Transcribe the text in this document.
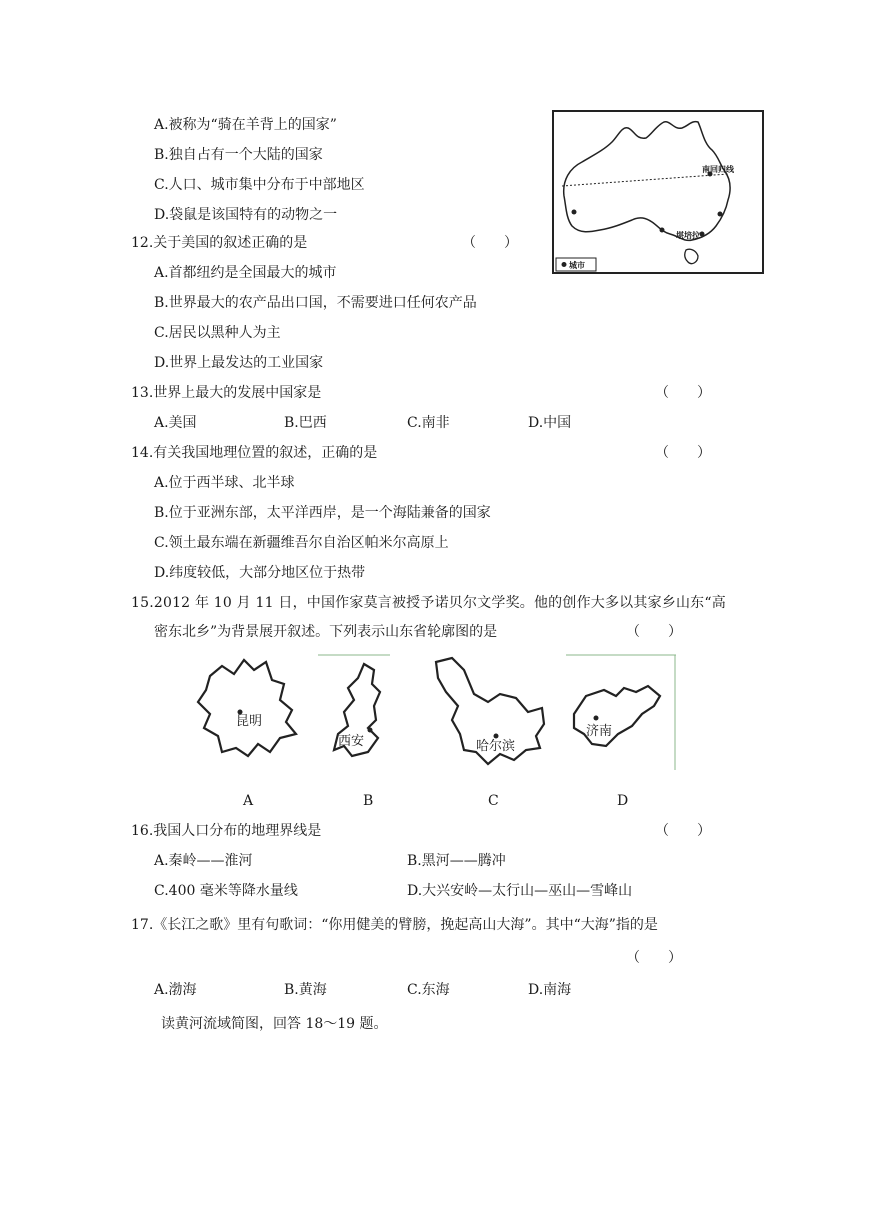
A.被称为“骑在羊背上的国家”
B.独自占有一个大陆的国家
C.人口、城市集中分布于中部地区
D.袋鼠是该国特有的动物之一
城市
南回归线
堪培拉
12.关于美国的叙述正确的是	（　　）
A.首都纽约是全国最大的城市
B.世界最大的农产品出口国，不需要进口任何农产品
C.居民以黑种人为主
D.世界上最发达的工业国家
13.世界上最大的发展中国家是	（　　）
A.美国	B.巴西	C.南非	D.中国
14.有关我国地理位置的叙述，正确的是	（　　）
A.位于西半球、北半球
B.位于亚洲东部，太平洋西岸，是一个海陆兼备的国家
C.领土最东端在新疆维吾尔自治区帕米尔高原上
D.纬度较低，大部分地区位于热带
15.2012 年 10 月 11 日，中国作家莫言被授予诺贝尔文学奖。他的创作大多以其家乡山东“高
密东北乡”为背景展开叙述。下列表示山东省轮廓图的是	（　　）
昆明
西安	哈尔滨
济南
A	B	C	D
16.我国人口分布的地理界线是	（　　）
A.秦岭——淮河	B.黑河——腾冲
C.400 毫米等降水量线	D.大兴安岭—太行山—巫山—雪峰山
17.《长江之歌》里有句歌词：“你用健美的臂膀，挽起高山大海”。其中“大海”指的是
（　　）
A.渤海	B.黄海	C.东海	D.南海
读黄河流域简图，回答 18～19 题。
